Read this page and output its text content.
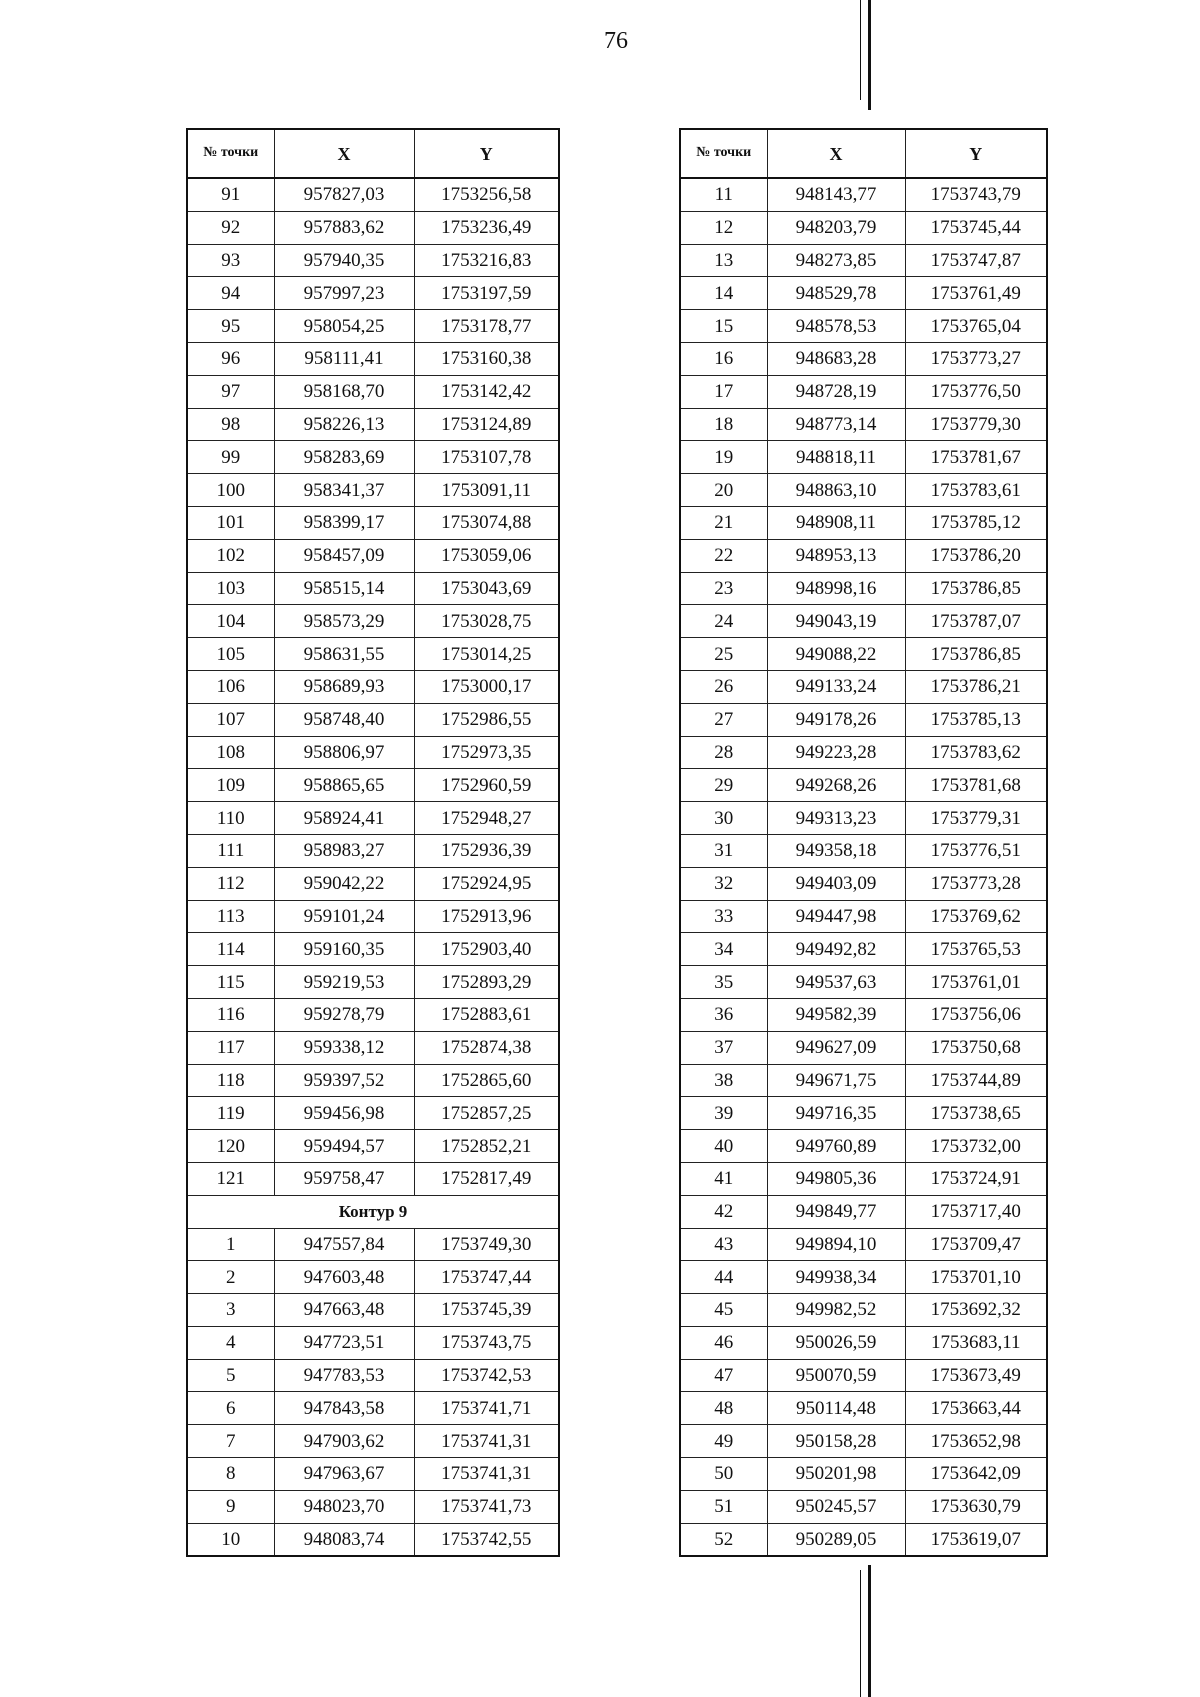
76
№ точки	X	Y
91	957827,03	1753256,58
92	957883,62	1753236,49
93	957940,35	1753216,83
94	957997,23	1753197,59
95	958054,25	1753178,77
96	958111,41	1753160,38
97	958168,70	1753142,42
98	958226,13	1753124,89
99	958283,69	1753107,78
100	958341,37	1753091,11
101	958399,17	1753074,88
102	958457,09	1753059,06
103	958515,14	1753043,69
104	958573,29	1753028,75
105	958631,55	1753014,25
106	958689,93	1753000,17
107	958748,40	1752986,55
108	958806,97	1752973,35
109	958865,65	1752960,59
110	958924,41	1752948,27
111	958983,27	1752936,39
112	959042,22	1752924,95
113	959101,24	1752913,96
114	959160,35	1752903,40
115	959219,53	1752893,29
116	959278,79	1752883,61
117	959338,12	1752874,38
118	959397,52	1752865,60
119	959456,98	1752857,25
120	959494,57	1752852,21
121	959758,47	1752817,49
Контур 9		
1	947557,84	1753749,30
2	947603,48	1753747,44
3	947663,48	1753745,39
4	947723,51	1753743,75
5	947783,53	1753742,53
6	947843,58	1753741,71
7	947903,62	1753741,31
8	947963,67	1753741,31
9	948023,70	1753741,73
10	948083,74	1753742,55
№ точки	X	Y
11	948143,77	1753743,79
12	948203,79	1753745,44
13	948273,85	1753747,87
14	948529,78	1753761,49
15	948578,53	1753765,04
16	948683,28	1753773,27
17	948728,19	1753776,50
18	948773,14	1753779,30
19	948818,11	1753781,67
20	948863,10	1753783,61
21	948908,11	1753785,12
22	948953,13	1753786,20
23	948998,16	1753786,85
24	949043,19	1753787,07
25	949088,22	1753786,85
26	949133,24	1753786,21
27	949178,26	1753785,13
28	949223,28	1753783,62
29	949268,26	1753781,68
30	949313,23	1753779,31
31	949358,18	1753776,51
32	949403,09	1753773,28
33	949447,98	1753769,62
34	949492,82	1753765,53
35	949537,63	1753761,01
36	949582,39	1753756,06
37	949627,09	1753750,68
38	949671,75	1753744,89
39	949716,35	1753738,65
40	949760,89	1753732,00
41	949805,36	1753724,91
42	949849,77	1753717,40
43	949894,10	1753709,47
44	949938,34	1753701,10
45	949982,52	1753692,32
46	950026,59	1753683,11
47	950070,59	1753673,49
48	950114,48	1753663,44
49	950158,28	1753652,98
50	950201,98	1753642,09
51	950245,57	1753630,79
52	950289,05	1753619,07
